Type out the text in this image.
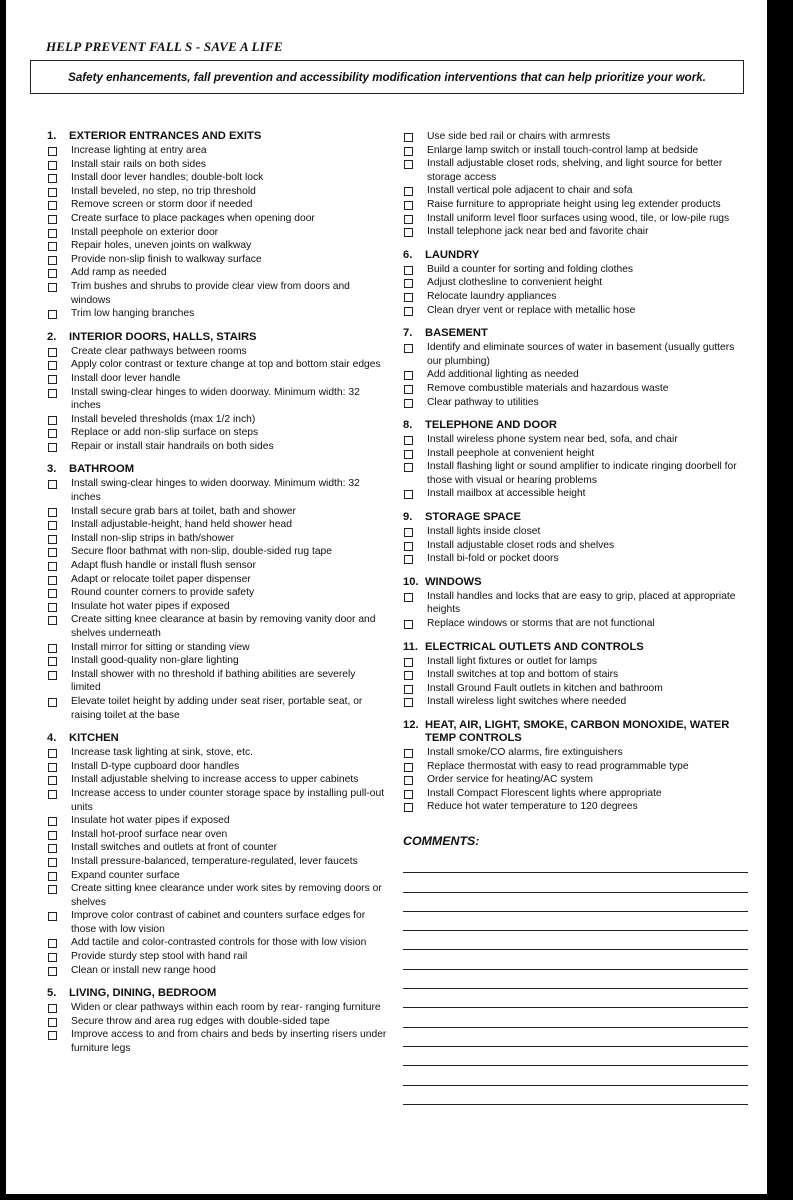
HELP PREVENT FALL S - SAVE A LIFE
Safety enhancements, fall prevention and accessibility modification interventions that can help prioritize your work.
1.	EXTERIOR ENTRANCES AND EXITS
Increase lighting at entry area
Install stair rails on both sides
Install door lever handles; double-bolt lock
Install beveled, no step, no trip threshold
Remove screen or storm door if needed
Create surface to place packages when opening door
Install peephole on exterior door
Repair holes, uneven joints on walkway
Provide non-slip finish to walkway surface
Add ramp as needed
Trim bushes and shrubs to provide clear view from doors and windows
Trim low hanging branches
2.	INTERIOR DOORS, HALLS, STAIRS
Create clear pathways between rooms
Apply color contrast or texture change at top and bottom stair edges
Install door lever handle
Install swing-clear hinges to widen doorway. Minimum width: 32 inches
Install beveled thresholds (max 1/2 inch)
Replace or add non-slip surface on steps
Repair or install stair handrails on both sides
3.	BATHROOM
Install swing-clear hinges to widen doorway. Minimum width: 32 inches
Install secure grab bars at toilet, bath and shower
Install adjustable-height, hand held shower head
Install non-slip strips in bath/shower
Secure floor bathmat with non-slip, double-sided rug tape
Adapt flush handle or install flush sensor
Adapt or relocate toilet paper dispenser
Round counter corners to provide safety
Insulate hot water pipes if exposed
Create sitting knee clearance at basin by removing vanity door and shelves underneath
Install mirror for sitting or standing view
Install good-quality non-glare lighting
Install shower with no threshold if bathing abilities are severely limited
Elevate toilet height by adding under seat riser, portable seat, or raising toilet at the base
4.	KITCHEN
Increase task lighting at sink, stove, etc.
Install D-type cupboard door handles
Install adjustable shelving to increase access to upper cabinets
Increase access to under counter storage space by installing pull-out units
Insulate hot water pipes if exposed
Install hot-proof surface near oven
Install switches and outlets at front of counter
Install pressure-balanced, temperature-regulated, lever faucets
Expand counter surface
Create sitting knee clearance under work sites by removing doors or shelves
Improve color contrast of cabinet and counters surface edges for those with low vision
Add tactile and color-contrasted controls for those with low vision
Provide sturdy step stool with hand rail
Clean or install new range hood
5.	LIVING, DINING, BEDROOM
Widen or clear pathways within each room by rear- ranging furniture
Secure throw and area rug edges with double-sided tape
Improve access to and from chairs and beds by inserting risers under furniture legs
Use side bed rail or chairs with armrests
Enlarge lamp switch or install touch-control lamp at bedside
Install adjustable closet rods, shelving, and light source for better storage access
Install vertical pole adjacent to chair and sofa
Raise furniture to appropriate height using leg extender products
Install uniform level floor surfaces using wood, tile, or low-pile rugs
Install telephone jack near bed and favorite chair
6.	LAUNDRY
Build a counter for sorting and folding clothes
Adjust clothesline to convenient height
Relocate laundry appliances
Clean dryer vent or replace with metallic hose
7.	BASEMENT
Identify and eliminate sources of water in basement (usually gutters our plumbing)
Add additional lighting as needed
Remove combustible materials and hazardous waste
Clear pathway to utilities
8.	TELEPHONE AND DOOR
Install wireless phone system near bed, sofa, and chair
Install peephole at convenient height
Install flashing light or sound amplifier to indicate ringing doorbell for those with visual or hearing problems
Install mailbox at accessible height
9.	STORAGE SPACE
Install lights inside closet
Install adjustable closet rods and shelves
Install bi-fold or pocket doors
10. WINDOWS
Install handles and locks that are easy to grip, placed at appropriate heights
Replace windows or storms that are not functional
11. ELECTRICAL OUTLETS AND CONTROLS
Install light fixtures or outlet for lamps
Install switches at top and bottom of stairs
Install Ground Fault outlets in kitchen and bathroom
Install wireless light switches where needed
12. HEAT, AIR, LIGHT, SMOKE, CARBON MONOXIDE, WATER TEMP CONTROLS
Install smoke/CO alarms, fire extinguishers
Replace thermostat with easy to read programmable type
Order service for heating/AC system
Install Compact Florescent lights where appropriate
Reduce hot water temperature to 120 degrees
COMMENTS:
